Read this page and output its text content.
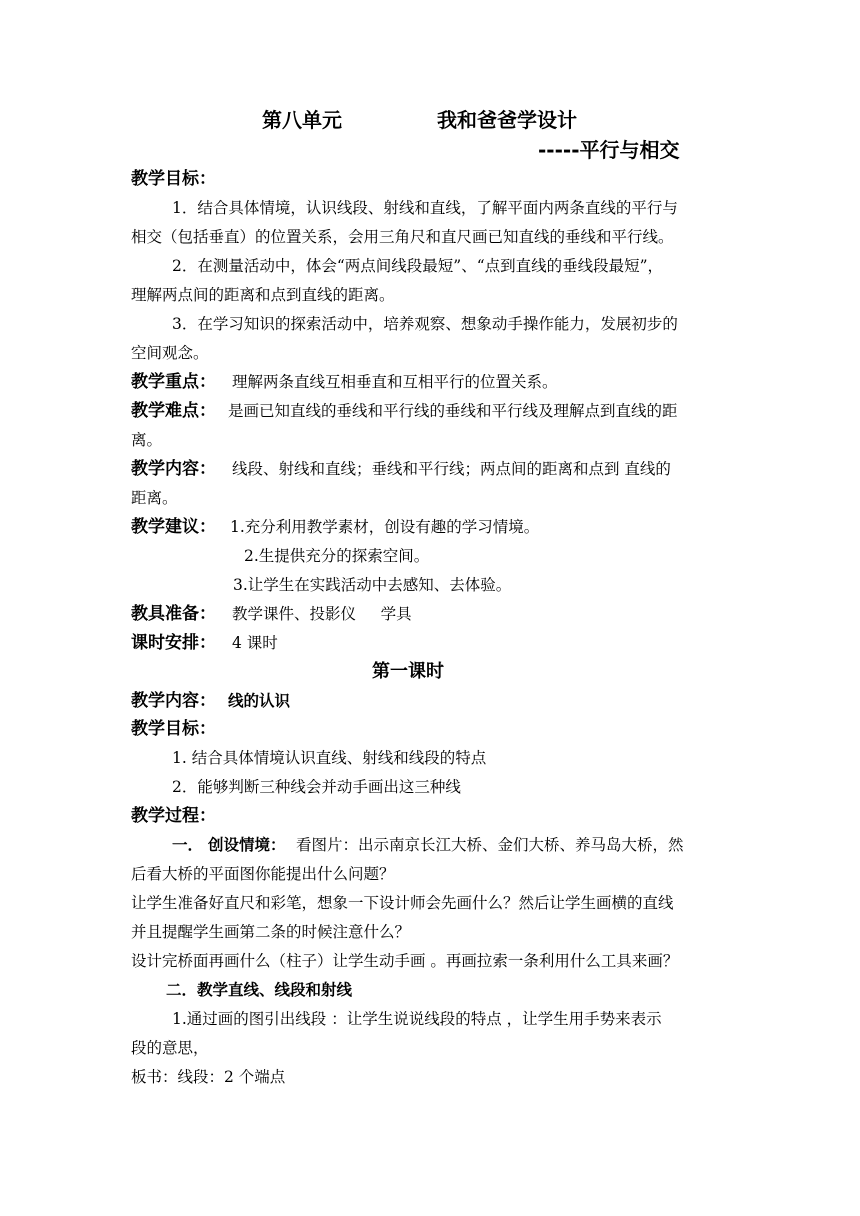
第八单元	我和爸爸学设计
-----平行与相交
教学目标：
1．结合具体情境，认识线段、射线和直线，了解平面内两条直线的平行与
相交（包括垂直）的位置关系，会用三角尺和直尺画已知直线的垂线和平行线。
2．在测量活动中，体会“两点间线段最短”、“点到直线的垂线段最短”，
理解两点间的距离和点到直线的距离。
3．在学习知识的探索活动中，培养观察、想象动手操作能力，发展初步的
空间观念。
教学重点： 理解两条直线互相垂直和互相平行的位置关系。
教学难点： 是画已知直线的垂线和平行线的垂线和平行线及理解点到直线的距
离。
教学内容： 线段、射线和直线；垂线和平行线；两点间的距离和点到 直线的
距离。
教学建议： 1.充分利用教学素材，创设有趣的学习情境。
2.生提供充分的探索空间。
3.让学生在实践活动中去感知、去体验。
教具准备： 教学课件、投影仪     学具
课时安排： 4 课时
第一课时
教学内容： 线的认识
教学目标：
1. 结合具体情境认识直线、射线和线段的特点
2．能够判断三种线会并动手画出这三种线
教学过程：
一． 创设情境： 看图片：出示南京长江大桥、金们大桥、养马岛大桥，然
后看大桥的平面图你能提出什么问题？
让学生准备好直尺和彩笔，想象一下设计师会先画什么？然后让学生画横的直线
并且提醒学生画第二条的时候注意什么？
设计完桥面再画什么（柱子）让学生动手画 。再画拉索一条利用什么工具来画？
二．教学直线、线段和射线
1.通过画的图引出线段 ：让学生说说线段的特点 ，让学生用手势来表示
段的意思，
板书：线段：2 个端点
